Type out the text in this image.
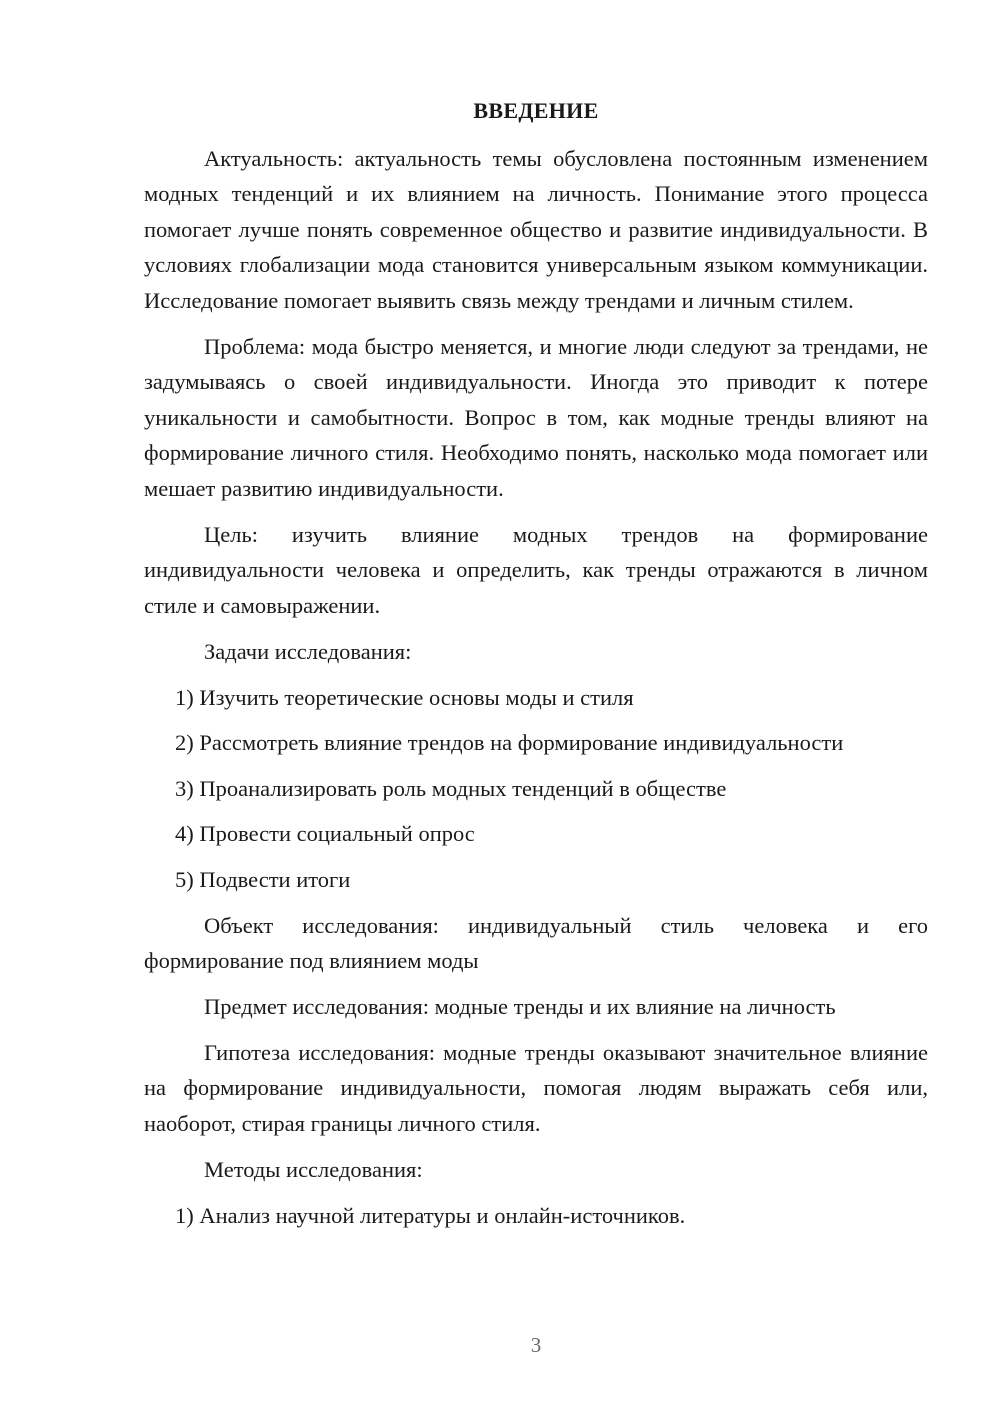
ВВЕДЕНИЕ

Актуальность: актуальность темы обусловлена постоянным изменением модных тенденций и их влиянием на личность. Понимание этого процесса помогает лучше понять современное общество и развитие индивидуальности. В условиях глобализации мода становится универсальным языком коммуникации. Исследование помогает выявить связь между трендами и личным стилем.

Проблема: мода быстро меняется, и многие люди следуют за трендами, не задумываясь о своей индивидуальности. Иногда это приводит к потере уникальности и самобытности. Вопрос в том, как модные тренды влияют на формирование личного стиля. Необходимо понять, насколько мода помогает или мешает развитию индивидуальности.

Цель: изучить влияние модных трендов на формирование индивидуальности человека и определить, как тренды отражаются в личном стиле и самовыражении.

Задачи исследования:

1) Изучить теоретические основы моды и стиля

2) Рассмотреть влияние трендов на формирование индивидуальности

3) Проанализировать роль модных тенденций в обществе

4) Провести социальный опрос

5) Подвести итоги

Объект исследования: индивидуальный стиль человека и его формирование под влиянием моды

Предмет исследования: модные тренды и их влияние на личность

Гипотеза исследования: модные тренды оказывают значительное влияние на формирование индивидуальности, помогая людям выражать себя или, наоборот, стирая границы личного стиля.

Методы исследования:

1) Анализ научной литературы и онлайн-источников.

3
